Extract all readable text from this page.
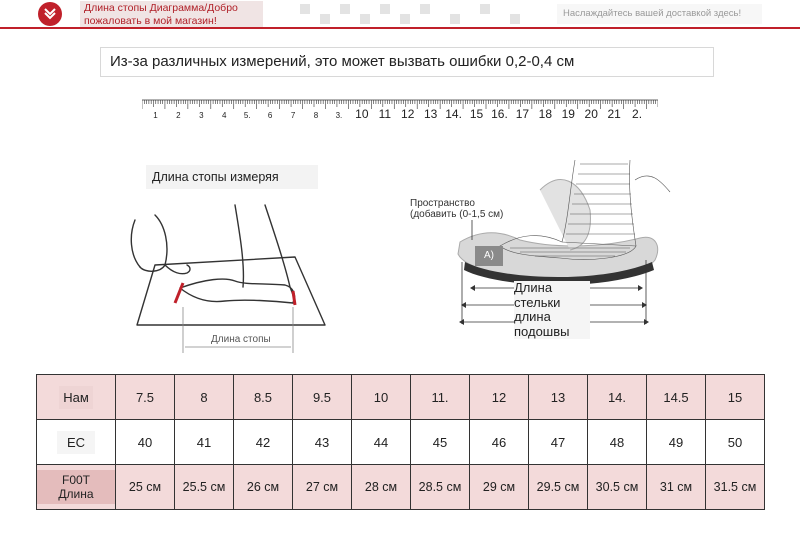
Длина стопы Диаграмма/Добро пожаловать в мой магазин!
Наслаждайтесь вашей доставкой здесь!
Из-за различных измерений, это может вызвать ошибки 0,2-0,4 см
1 2 3 4 5. 6 7 8 3. 10 11 12 13 14. 15 16. 17 18 19 20 21 2.
Длина стопы измеряя
Длина стопы
Пространство (добавить (0-1,5 см)
A)
Длина стельки длина подошвы
Нам	7.5	8	8.5	9.5	10	11.	12	13	14.	14.5	15
ЕС	40	41	42	43	44	45	46	47	48	49	50
F00T Длина	25 см	25.5 см	26 см	27 см	28 см	28.5 см	29 см	29.5 см	30.5 см	31 см	31.5 см
